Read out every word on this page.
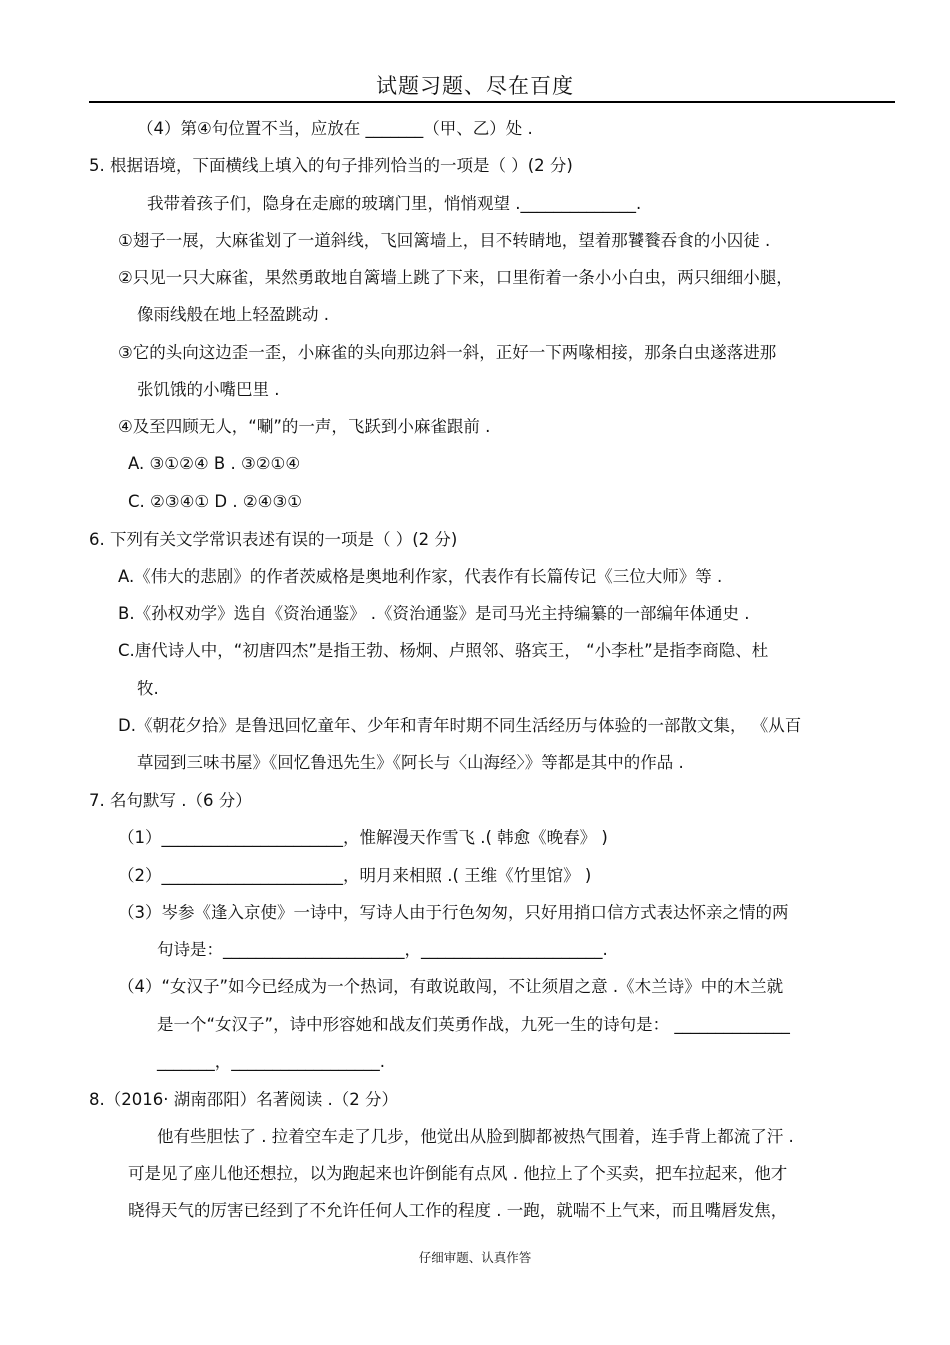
试题习题、尽在百度
（4）第④句位置不当，应放在 _______（甲、乙）处 .
5. 根据语境，下面横线上填入的句子排列恰当的一项是（ ）(2 分)
我带着孩子们，隐身在走廊的玻璃门里，悄悄观望 .______________.
①翅子一展，大麻雀划了一道斜线，飞回篱墙上，目不转睛地，望着那饕餮吞食的小囚徒 .
②只见一只大麻雀，果然勇敢地自篱墙上跳了下来，口里衔着一条小小白虫，两只细细小腿，
像雨线般在地上轻盈跳动 .
③它的头向这边歪一歪，小麻雀的头向那边斜一斜，正好一下两喙相接，那条白虫遂落进那
张饥饿的小嘴巴里 .
④及至四顾无人，“唰”的一声，飞跃到小麻雀跟前 .
A. ③①②④ B . ③②①④
C. ②③④① D . ②④③①
6. 下列有关文学常识表述有误的一项是（ ）(2 分)
A.《伟大的悲剧》的作者茨威格是奥地利作家，代表作有长篇传记《三位大师》等 .
B.《孙权劝学》选自《资治通鉴》 .《资治通鉴》是司马光主持编纂的一部编年体通史 .
C.唐代诗人中，“初唐四杰”是指王勃、杨炯、卢照邻、骆宾王， “小李杜”是指李商隐、杜
牧.
D.《朝花夕拾》是鲁迅回忆童年、少年和青年时期不同生活经历与体验的一部散文集， 《从百
草园到三味书屋》《回忆鲁迅先生》《阿长与〈山海经〉》等都是其中的作品 .
7. 名句默写 .（6 分）
（1）______________________，惟解漫天作雪飞 .( 韩愈《晚春》 )
（2）______________________，明月来相照 .( 王维《竹里馆》 )
（3）岑参《逢入京使》一诗中，写诗人由于行色匆匆，只好用捎口信方式表达怀亲之情的两
句诗是：______________________，______________________.
（4）“女汉子”如今已经成为一个热词，有敢说敢闯，不让须眉之意 .《木兰诗》中的木兰就
是一个“女汉子”，诗中形容她和战友们英勇作战，九死一生的诗句是： ______________
_______，__________________.
8.（2016· 湖南邵阳）名著阅读 .（2 分）
他有些胆怯了 . 拉着空车走了几步，他觉出从脸到脚都被热气围着，连手背上都流了汗 .
可是见了座儿他还想拉，以为跑起来也许倒能有点风 . 他拉上了个买卖，把车拉起来，他才
晓得天气的厉害已经到了不允许任何人工作的程度 . 一跑，就喘不上气来，而且嘴唇发焦，
仔细审题、认真作答
